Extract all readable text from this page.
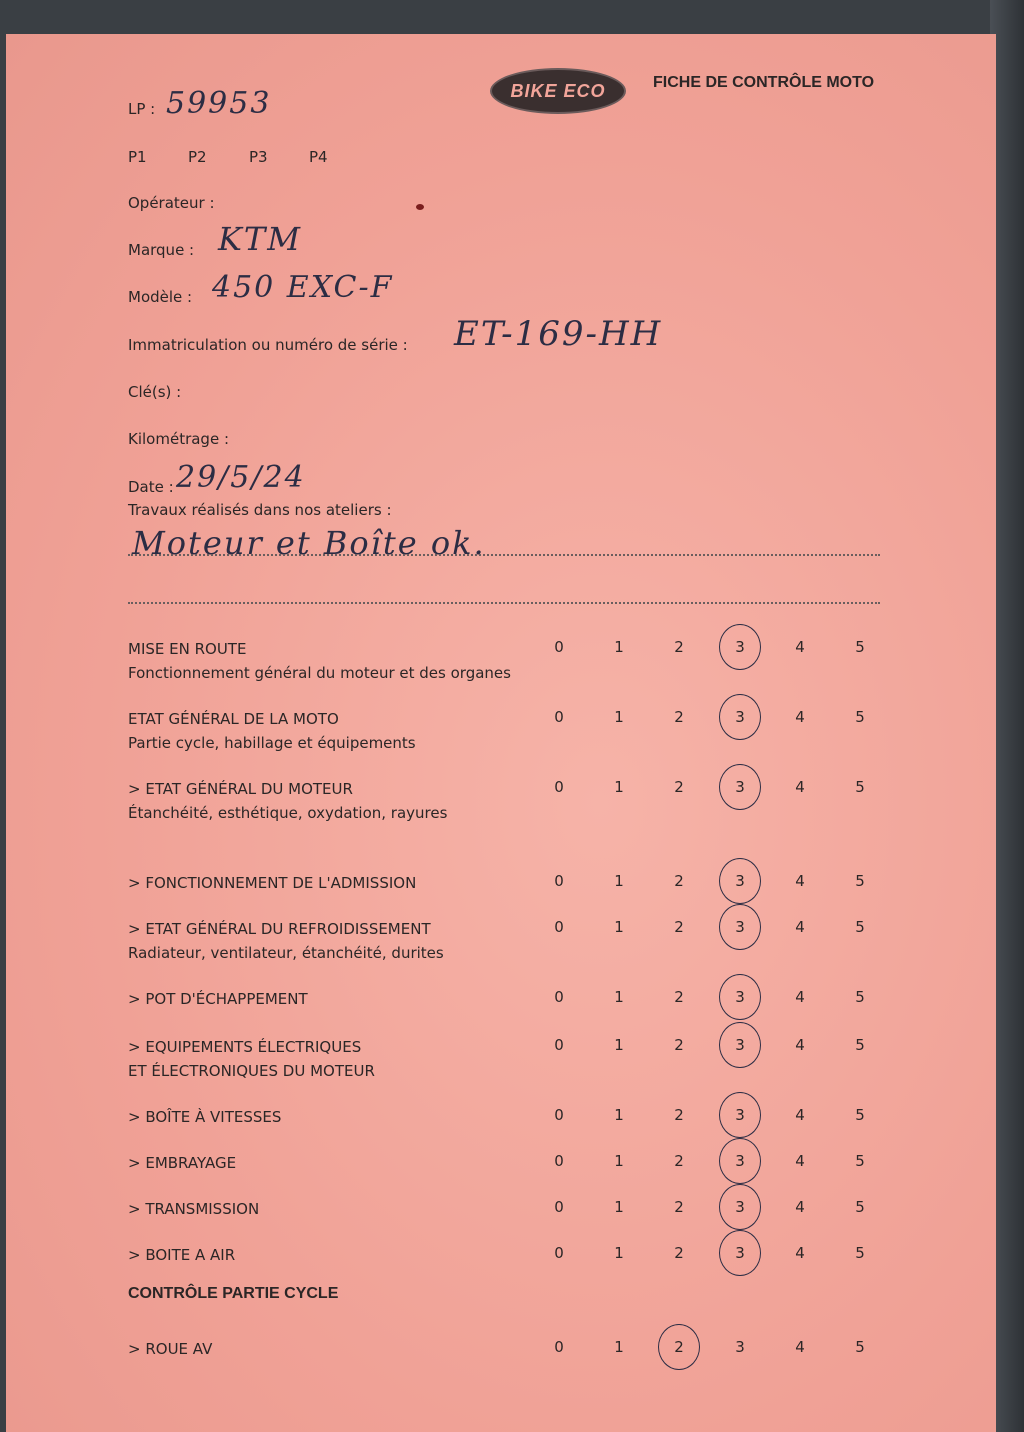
BIKE ECO	FICHE DE CONTRÔLE MOTO
LP : 59953
P1	P2	P3	P4
Opérateur :
Marque : KTM
Modèle : 450 EXC-F
Immatriculation ou numéro de série : ET-169-HH
Clé(s) :
Kilométrage :
Date : 29/5/24
Travaux réalisés dans nos ateliers :
Moteur et Boîte ok.
CONTRÔLE PARTIE CYCLE
MISE EN ROUTE
Fonctionnement général du moteur et des organes
0	1	2	3	4	5
ETAT GÉNÉRAL DE LA MOTO
Partie cycle, habillage et équipements
0	1	2	3	4	5
> ETAT GÉNÉRAL DU MOTEUR
Étanchéité, esthétique, oxydation, rayures
0	1	2	3	4	5
> FONCTIONNEMENT DE L'ADMISSION	0	1	2	3	4	5
> ETAT GÉNÉRAL DU REFROIDISSEMENT
Radiateur, ventilateur, étanchéité, durites
0	1	2	3	4	5
> POT D'ÉCHAPPEMENT	0	1	2	3	4	5
> EQUIPEMENTS ÉLECTRIQUES
ET ÉLECTRONIQUES DU MOTEUR
0	1	2	3	4	5
> BOÎTE À VITESSES	0	1	2	3	4	5
> EMBRAYAGE	0	1	2	3	4	5
> TRANSMISSION	0	1	2	3	4	5
> BOITE A AIR	0	1	2	3	4	5
> ROUE AV	0	1	2	3	4	5
